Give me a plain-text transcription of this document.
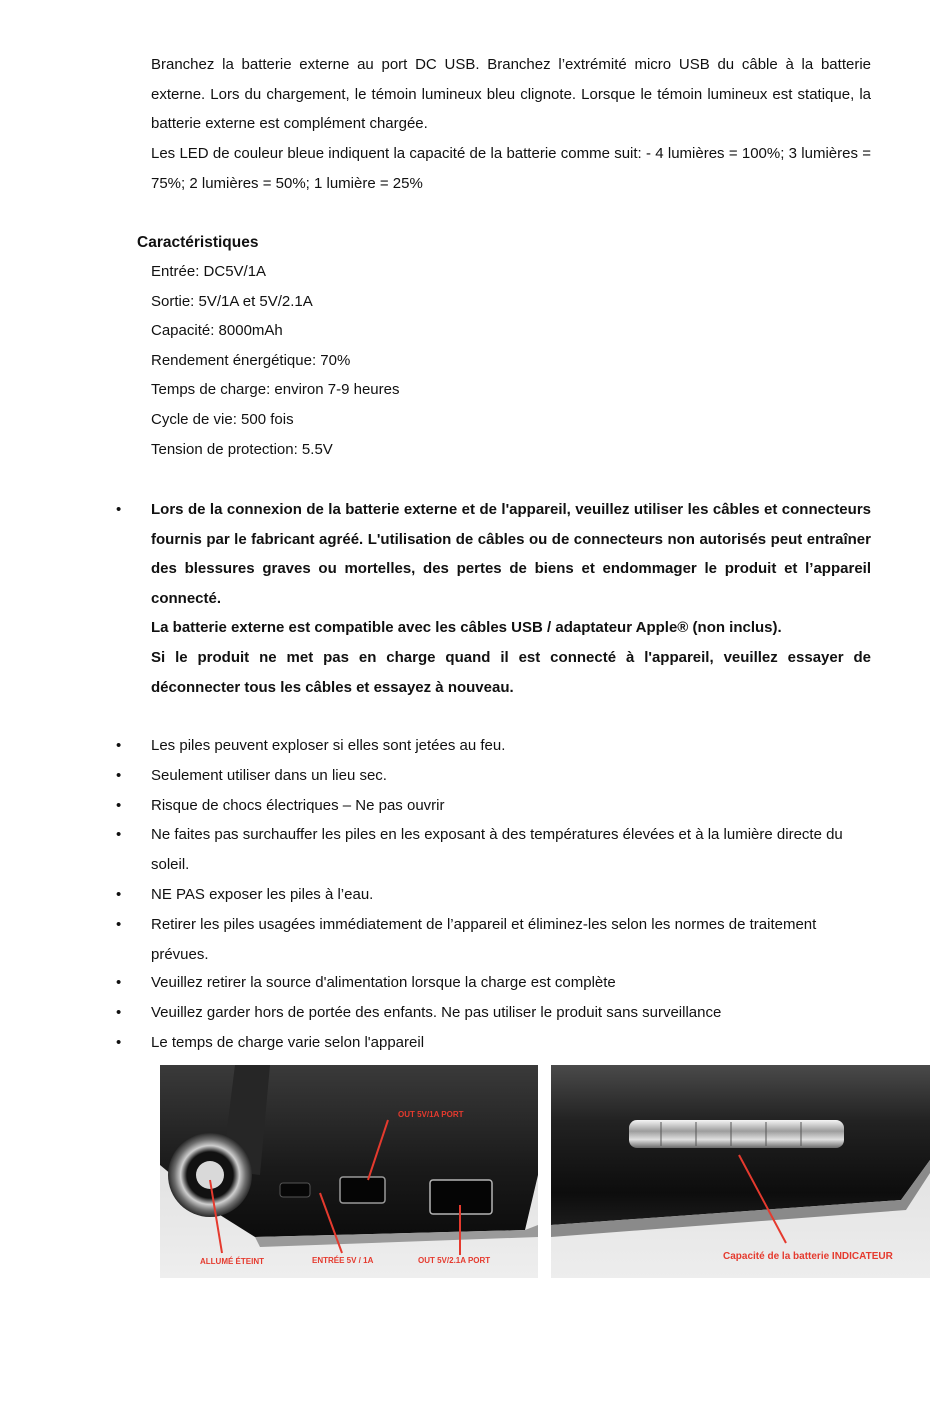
Branchez la batterie externe au port DC USB. Branchez l’extrémité micro USB du câble à la batterie externe. Lors du chargement, le témoin lumineux bleu clignote. Lorsque le témoin lumineux est statique, la batterie externe est complément chargée.

Les LED de couleur bleue indiquent la capacité de la batterie comme suit: - 4 lumières = 100%; 3 lumières = 75%; 2 lumières = 50%; 1 lumière = 25%

Caractéristiques
Entrée: DC5V/1A
Sortie: 5V/1A et 5V/2.1A
Capacité: 8000mAh
Rendement énergétique: 70%
Temps de charge: environ 7-9 heures
Cycle de vie: 500 fois
Tension de protection: 5.5V
• Lors de la connexion de la batterie externe et de l'appareil, veuillez utiliser les câbles et connecteurs fournis par le fabricant agréé. L'utilisation de câbles ou de connecteurs non autorisés peut entraîner des blessures graves ou mortelles, des pertes de biens et endommager le produit et l’appareil connecté.

La batterie externe est compatible avec les câbles USB / adaptateur Apple® (non inclus).

Si le produit ne met pas en charge quand il est connecté à l'appareil, veuillez essayer de déconnecter tous les câbles et essayez à nouveau.

• Les piles peuvent exploser si elles sont jetées au feu.

• Seulement utiliser dans un lieu sec.

• Risque de chocs électriques – Ne pas ouvrir

• Ne faites pas surchauffer les piles en les exposant à des températures élevées et à la lumière directe du soleil.

• NE PAS exposer les piles à l’eau.

• Retirer les piles usagées immédiatement de l’appareil et éliminez-les selon les normes de traitement prévues.

• Veuillez retirer la source d'alimentation lorsque la charge est complète

• Veuillez garder hors de portée des enfants. Ne pas utiliser le produit sans surveillance

• Le temps de charge varie selon l'appareil

OUT 5V/1A PORT
ALLUMÉ ÉTEINT	ENTRÉE 5V / 1A	OUT 5V/2.1A PORT	Capacité de la batterie INDICATEUR
